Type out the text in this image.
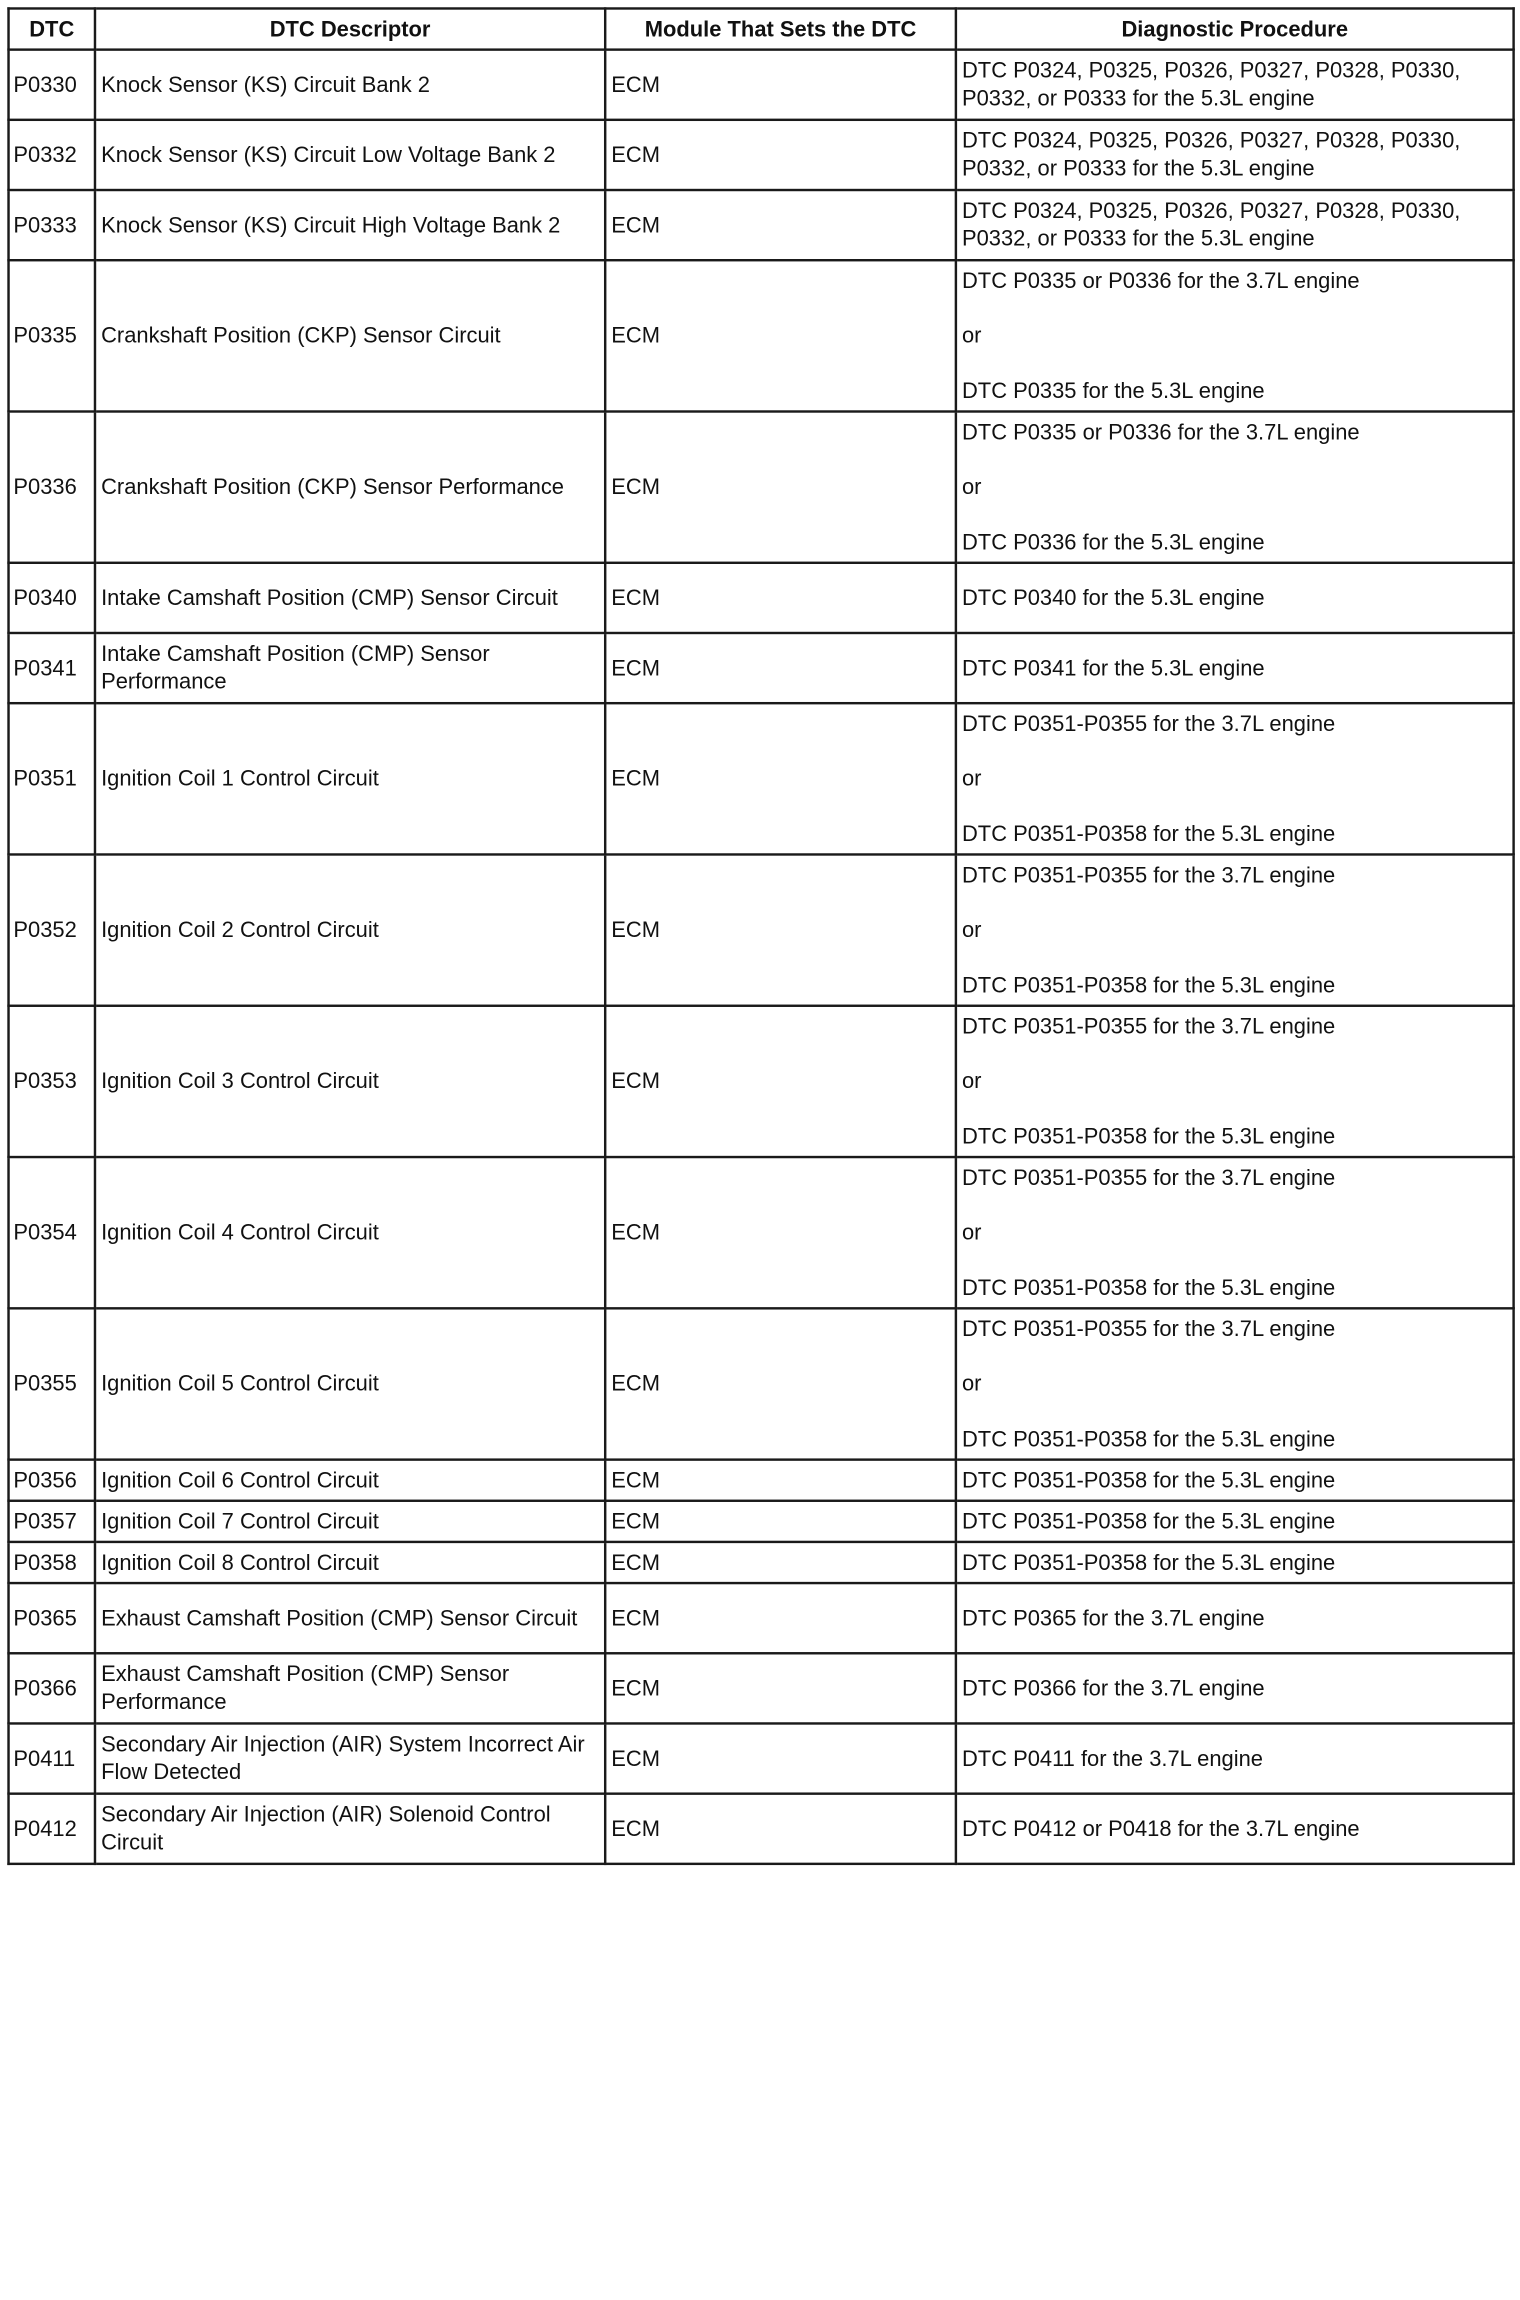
DTC	DTC Descriptor	Module That Sets the DTC	Diagnostic Procedure
P0330	Knock Sensor (KS) Circuit Bank 2	ECM	DTC P0324, P0325, P0326, P0327, P0328, P0330, P0332, or P0333 for the 5.3L engine

P0332	Knock Sensor (KS) Circuit Low Voltage Bank 2	ECM	DTC P0324, P0325, P0326, P0327, P0328, P0330, P0332, or P0333 for the 5.3L engine

P0333	Knock Sensor (KS) Circuit High Voltage Bank 2	ECM	DTC P0324, P0325, P0326, P0327, P0328, P0330, P0332, or P0333 for the 5.3L engine

P0335	Crankshaft Position (CKP) Sensor Circuit	ECM	DTC P0335 or P0336 for the 3.7L engine
or
DTC P0335 for the 5.3L engine

P0336	Crankshaft Position (CKP) Sensor Performance	ECM	DTC P0335 or P0336 for the 3.7L engine
or
DTC P0336 for the 5.3L engine

P0340	Intake Camshaft Position (CMP) Sensor Circuit	ECM	DTC P0340 for the 5.3L engine

P0341	Intake Camshaft Position (CMP) Sensor Performance	ECM	DTC P0341 for the 5.3L engine

P0351	Ignition Coil 1 Control Circuit	ECM	DTC P0351-P0355 for the 3.7L engine
or
DTC P0351-P0358 for the 5.3L engine

P0352	Ignition Coil 2 Control Circuit	ECM	DTC P0351-P0355 for the 3.7L engine
or
DTC P0351-P0358 for the 5.3L engine

P0353	Ignition Coil 3 Control Circuit	ECM	DTC P0351-P0355 for the 3.7L engine
or
DTC P0351-P0358 for the 5.3L engine

P0354	Ignition Coil 4 Control Circuit	ECM	DTC P0351-P0355 for the 3.7L engine
or
DTC P0351-P0358 for the 5.3L engine

P0355	Ignition Coil 5 Control Circuit	ECM	DTC P0351-P0355 for the 3.7L engine
or
DTC P0351-P0358 for the 5.3L engine

P0356	Ignition Coil 6 Control Circuit	ECM	DTC P0351-P0358 for the 5.3L engine

P0357	Ignition Coil 7 Control Circuit	ECM	DTC P0351-P0358 for the 5.3L engine

P0358	Ignition Coil 8 Control Circuit	ECM	DTC P0351-P0358 for the 5.3L engine

P0365	Exhaust Camshaft Position (CMP) Sensor Circuit	ECM	DTC P0365 for the 3.7L engine

P0366	Exhaust Camshaft Position (CMP) Sensor Performance	ECM	DTC P0366 for the 3.7L engine

P0411	Secondary Air Injection (AIR) System Incorrect Air Flow Detected	ECM	DTC P0411 for the 3.7L engine

P0412	Secondary Air Injection (AIR) Solenoid Control Circuit	ECM	DTC P0412 or P0418 for the 3.7L engine
